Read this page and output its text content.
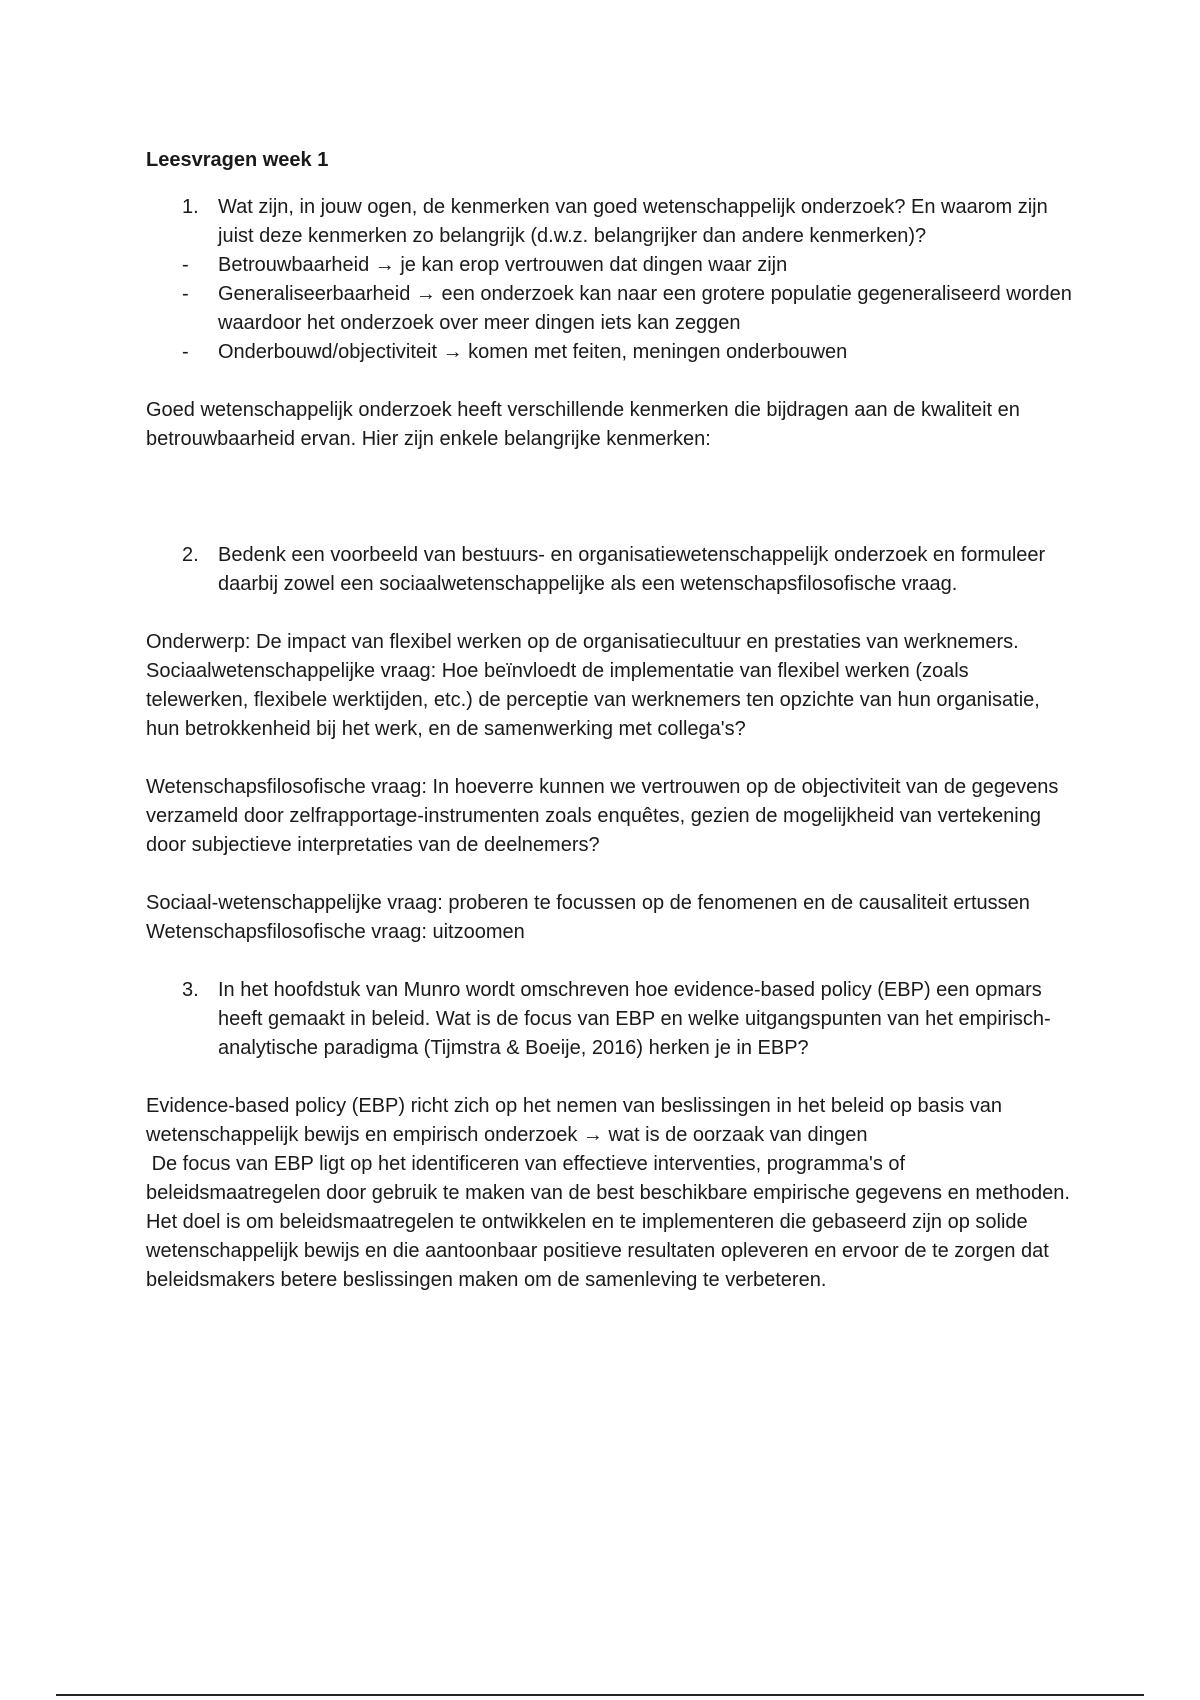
Leesvragen week 1

1. Wat zijn, in jouw ogen, de kenmerken van goed wetenschappelijk onderzoek? En waarom zijn juist deze kenmerken zo belangrijk (d.w.z. belangrijker dan andere kenmerken)?
-	Betrouwbaarheid → je kan erop vertrouwen dat dingen waar zijn
-	Generaliseerbaarheid → een onderzoek kan naar een grotere populatie gegeneraliseerd worden waardoor het onderzoek over meer dingen iets kan zeggen
-	Onderbouwd/objectiviteit → komen met feiten, meningen onderbouwen

Goed wetenschappelijk onderzoek heeft verschillende kenmerken die bijdragen aan de kwaliteit en betrouwbaarheid ervan. Hier zijn enkele belangrijke kenmerken:

2. Bedenk een voorbeeld van bestuurs- en organisatiewetenschappelijk onderzoek en formuleer daarbij zowel een sociaalwetenschappelijke als een wetenschapsfilosofische vraag.

Onderwerp: De impact van flexibel werken op de organisatiecultuur en prestaties van werknemers.

Sociaalwetenschappelijke vraag: Hoe beïnvloedt de implementatie van flexibel werken (zoals telewerken, flexibele werktijden, etc.) de perceptie van werknemers ten opzichte van hun organisatie, hun betrokkenheid bij het werk, en de samenwerking met collega's?

Wetenschapsfilosofische vraag: In hoeverre kunnen we vertrouwen op de objectiviteit van de gegevens verzameld door zelfrapportage-instrumenten zoals enquêtes, gezien de mogelijkheid van vertekening door subjectieve interpretaties van de deelnemers?

Sociaal-wetenschappelijke vraag: proberen te focussen op de fenomenen en de causaliteit ertussen

Wetenschapsfilosofische vraag: uitzoomen

3. In het hoofdstuk van Munro wordt omschreven hoe evidence-based policy (EBP) een opmars heeft gemaakt in beleid. Wat is de focus van EBP en welke uitgangspunten van het empirisch-analytische paradigma (Tijmstra & Boeije, 2016) herken je in EBP?

Evidence-based policy (EBP) richt zich op het nemen van beslissingen in het beleid op basis van wetenschappelijk bewijs en empirisch onderzoek → wat is de oorzaak van dingen

De focus van EBP ligt op het identificeren van effectieve interventies, programma's of beleidsmaatregelen door gebruik te maken van de best beschikbare empirische gegevens en methoden. Het doel is om beleidsmaatregelen te ontwikkelen en te implementeren die gebaseerd zijn op solide wetenschappelijk bewijs en die aantoonbaar positieve resultaten opleveren en ervoor de te zorgen dat beleidsmakers betere beslissingen maken om de samenleving te verbeteren.
